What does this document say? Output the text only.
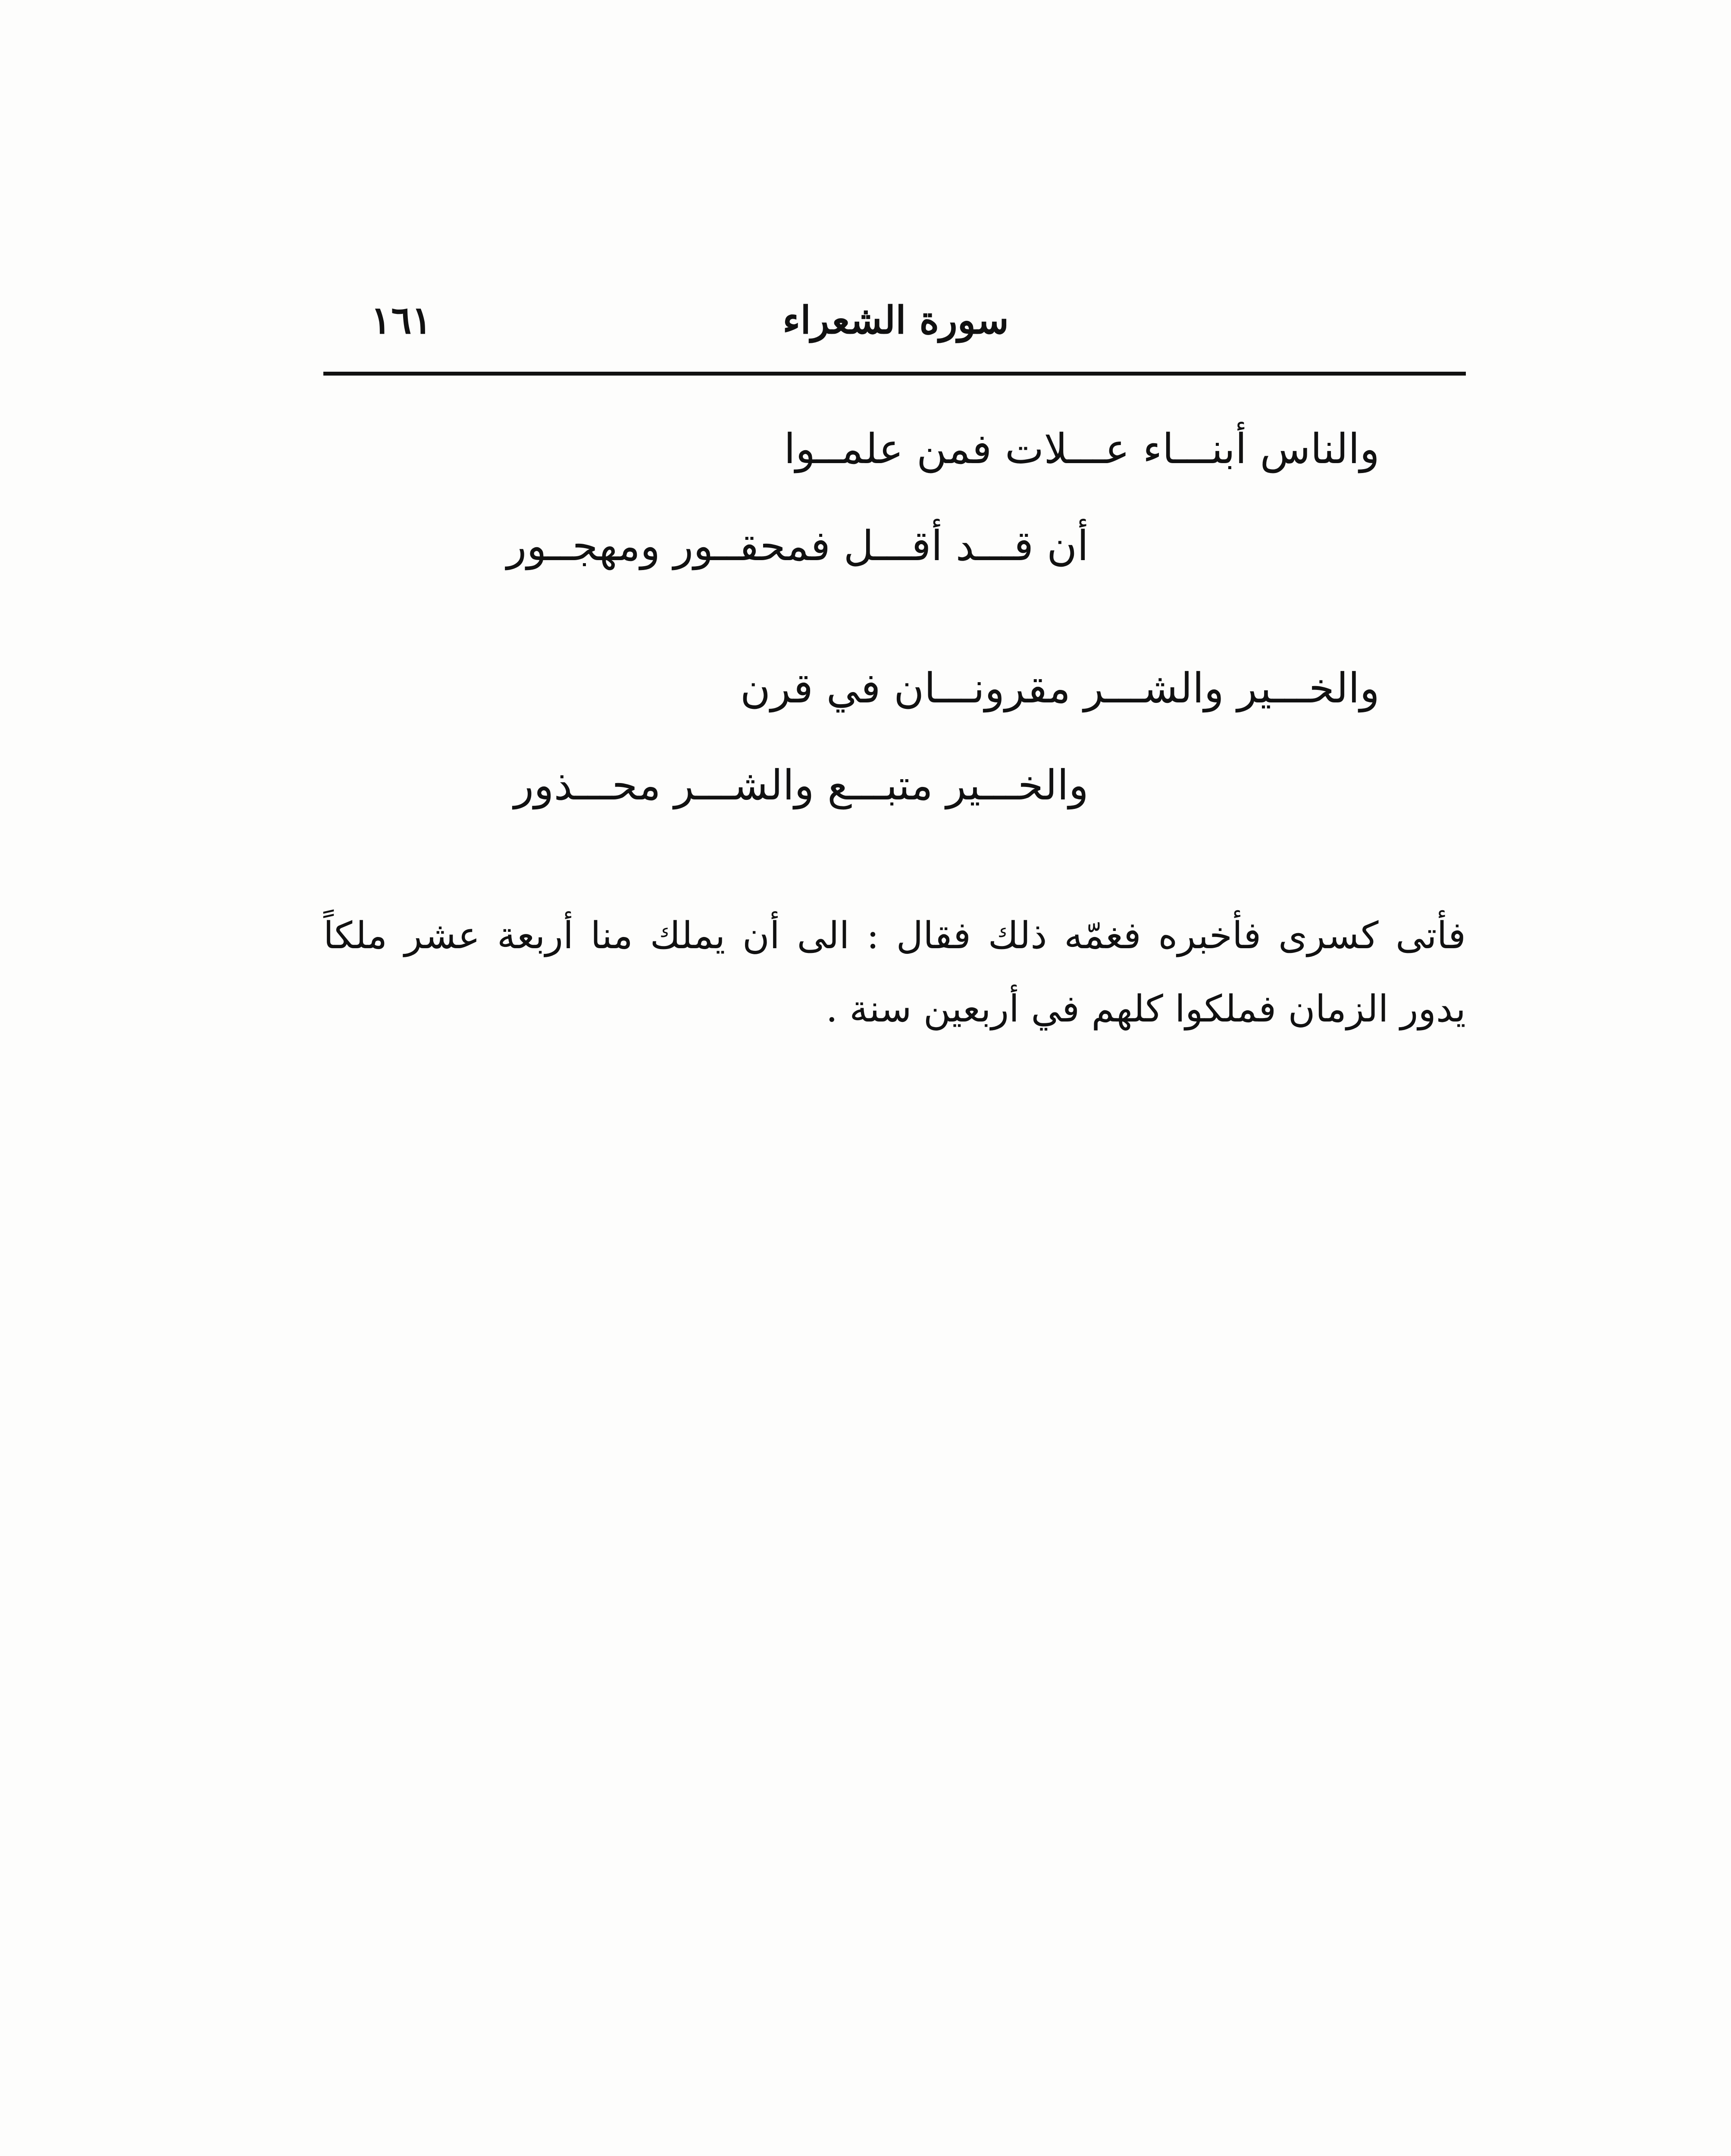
سورة الشعراء
١٦١
والناس أبنـــاء عـــلات فمن علمــوا
أن قـــد أقـــل فمحقــور ومهجــور
والخـــير والشـــر مقرونـــان في قرن
والخـــير متبـــع والشـــر محـــذور
فأتى كسرى فأخبره فغمّه ذلك فقال : الى أن يملك منا أربعة عشر ملكاً يدور الزمان فملكوا كلهم في أربعين سنة .
